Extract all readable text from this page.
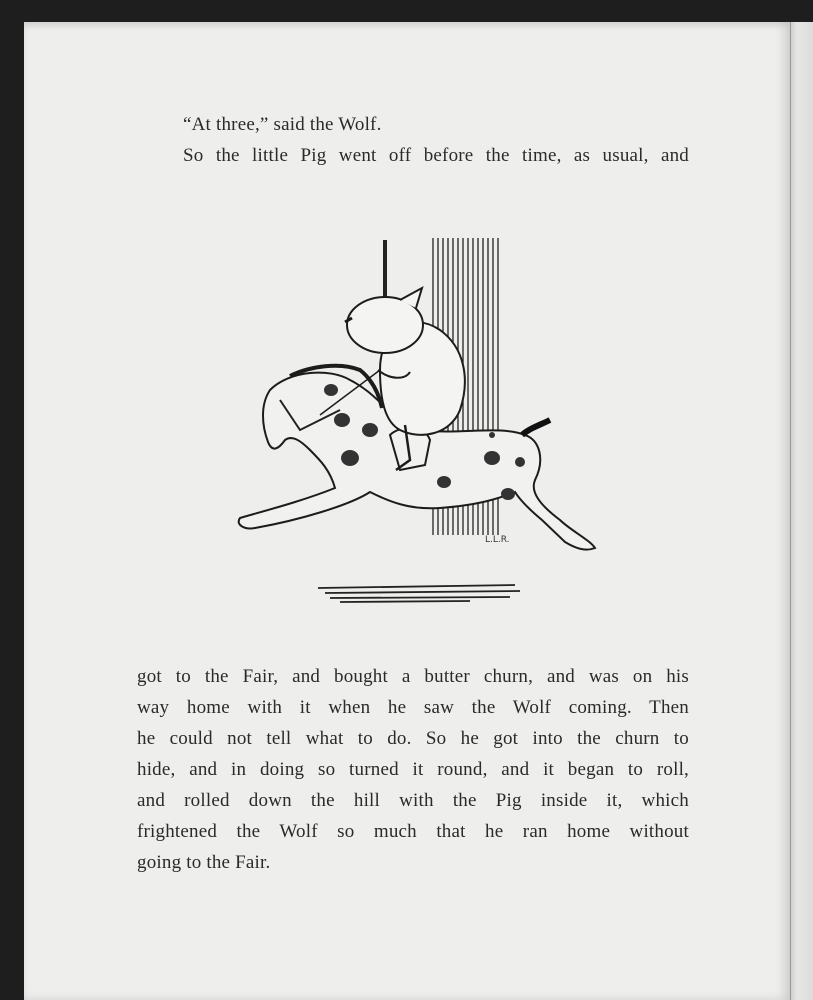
“At three,” said the Wolf.

So the little Pig went off before the time, as usual, and

L.L.R.

got to the Fair, and bought a butter churn, and was on his

way home with it when he saw the Wolf coming. Then

he could not tell what to do. So he got into the churn to

hide, and in doing so turned it round, and it began to roll,

and rolled down the hill with the Pig inside it, which

frightened the Wolf so much that he ran home without

going to the Fair.
